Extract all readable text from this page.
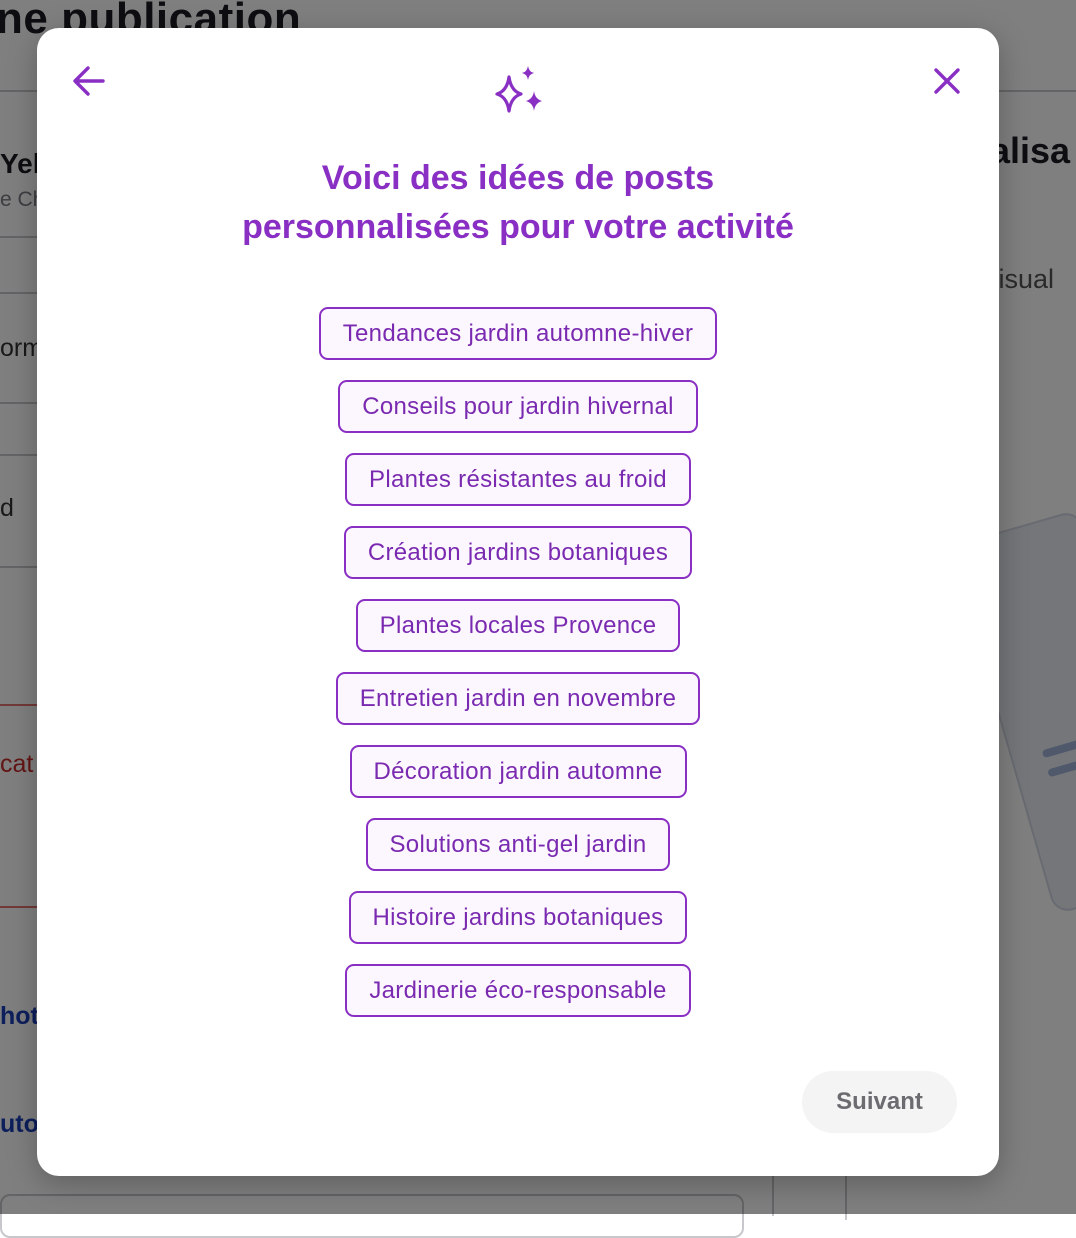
Voici des idées de posts
personnalisées pour votre activité
Tendances jardin automne-hiver
Conseils pour jardin hivernal
Plantes résistantes au froid
Création jardins botaniques
Plantes locales Provence
Entretien jardin en novembre
Décoration jardin automne
Solutions anti-gel jardin
Histoire jardins botaniques
Jardinerie éco-responsable
Suivant
